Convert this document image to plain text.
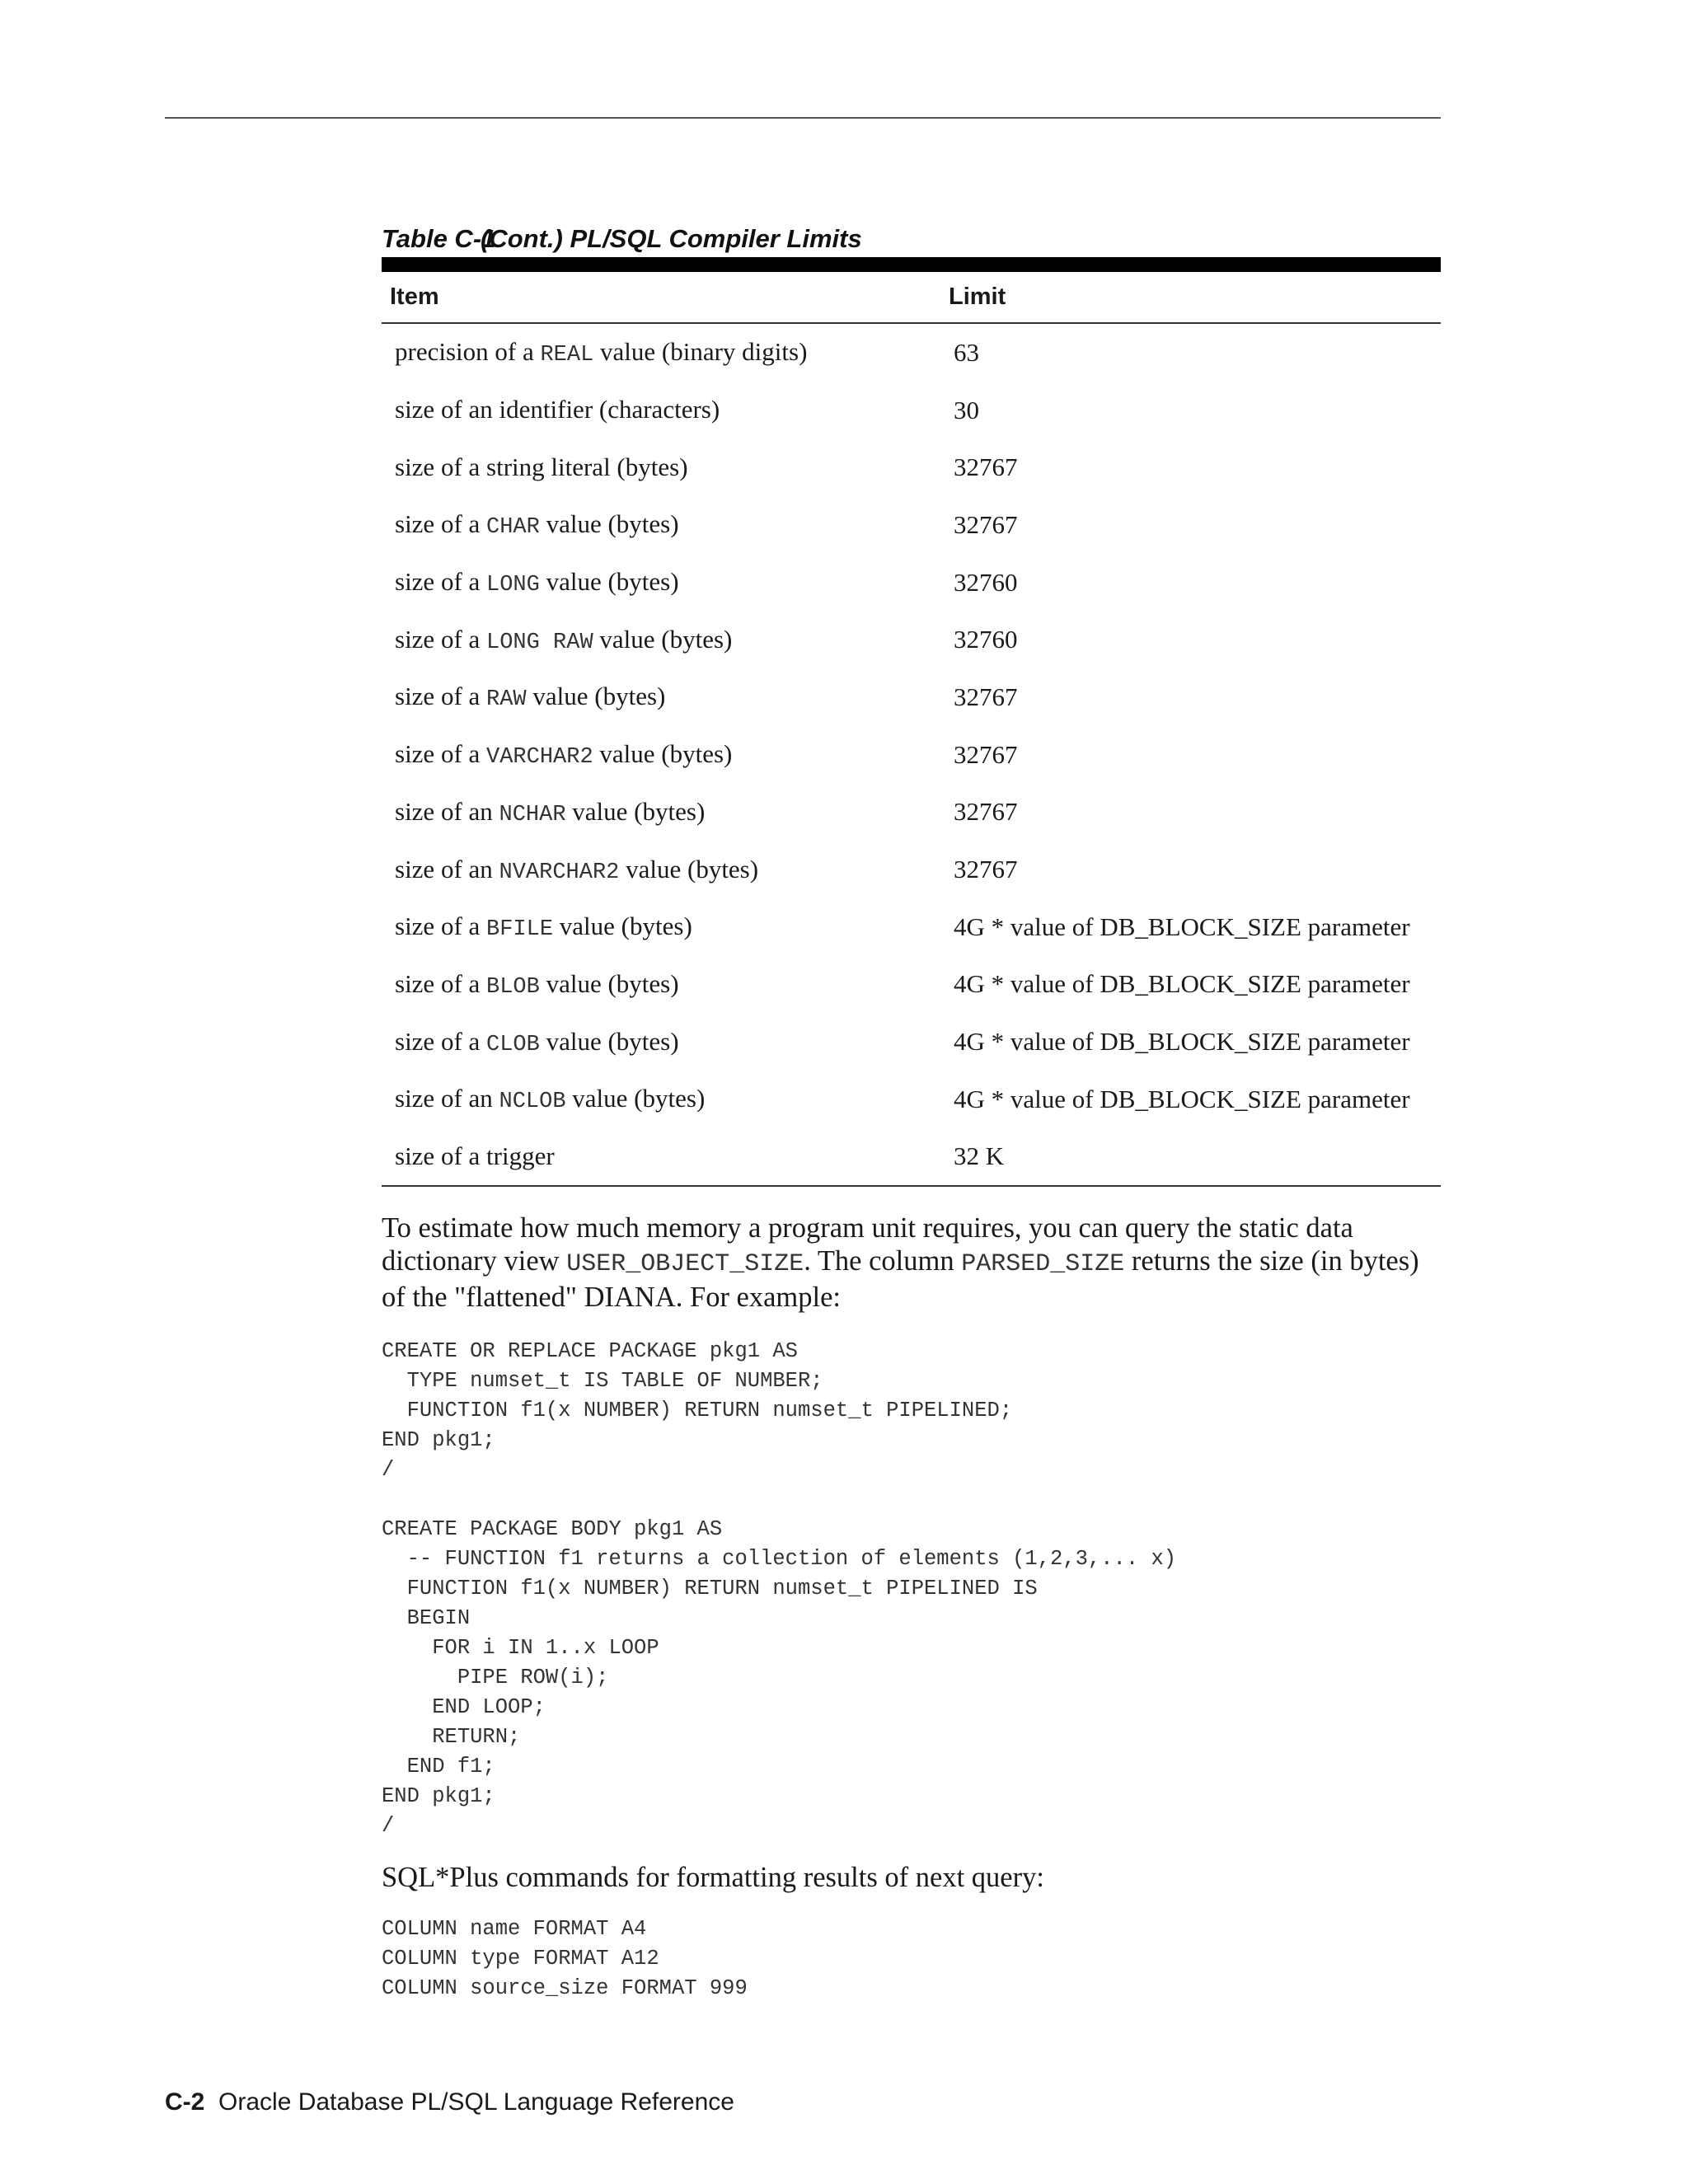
Table C-1(Cont.) PL/SQL Compiler Limits
Item	Limit
precision of a REAL value (binary digits)	63
size of an identifier (characters)	30
size of a string literal (bytes)	32767
size of a CHAR value (bytes)	32767
size of a LONG value (bytes)	32760
size of a LONG RAW value (bytes)	32760
size of a RAW value (bytes)	32767
size of a VARCHAR2 value (bytes)	32767
size of an NCHAR value (bytes)	32767
size of an NVARCHAR2 value (bytes)	32767
size of a BFILE value (bytes)	4G * value of DB_BLOCK_SIZE parameter
size of a BLOB value (bytes)	4G * value of DB_BLOCK_SIZE parameter
size of a CLOB value (bytes)	4G * value of DB_BLOCK_SIZE parameter
size of an NCLOB value (bytes)	4G * value of DB_BLOCK_SIZE parameter
size of a trigger	32 K
To estimate how much memory a program unit requires, you can query the static data dictionary view USER_OBJECT_SIZE. The column PARSED_SIZE returns the size (in bytes) of the "flattened" DIANA. For example:
CREATE OR REPLACE PACKAGE pkg1 AS
TYPE numset_t IS TABLE OF NUMBER;
FUNCTION f1(x NUMBER) RETURN numset_t PIPELINED;
END pkg1;
/

CREATE PACKAGE BODY pkg1 AS
-- FUNCTION f1 returns a collection of elements (1,2,3,... x)
FUNCTION f1(x NUMBER) RETURN numset_t PIPELINED IS
BEGIN
FOR i IN 1..x LOOP
PIPE ROW(i);
END LOOP;
RETURN;
END f1;
END pkg1;
/
SQL*Plus commands for formatting results of next query:
COLUMN name FORMAT A4
COLUMN type FORMAT A12
COLUMN source_size FORMAT 999
C-2 Oracle Database PL/SQL Language Reference
